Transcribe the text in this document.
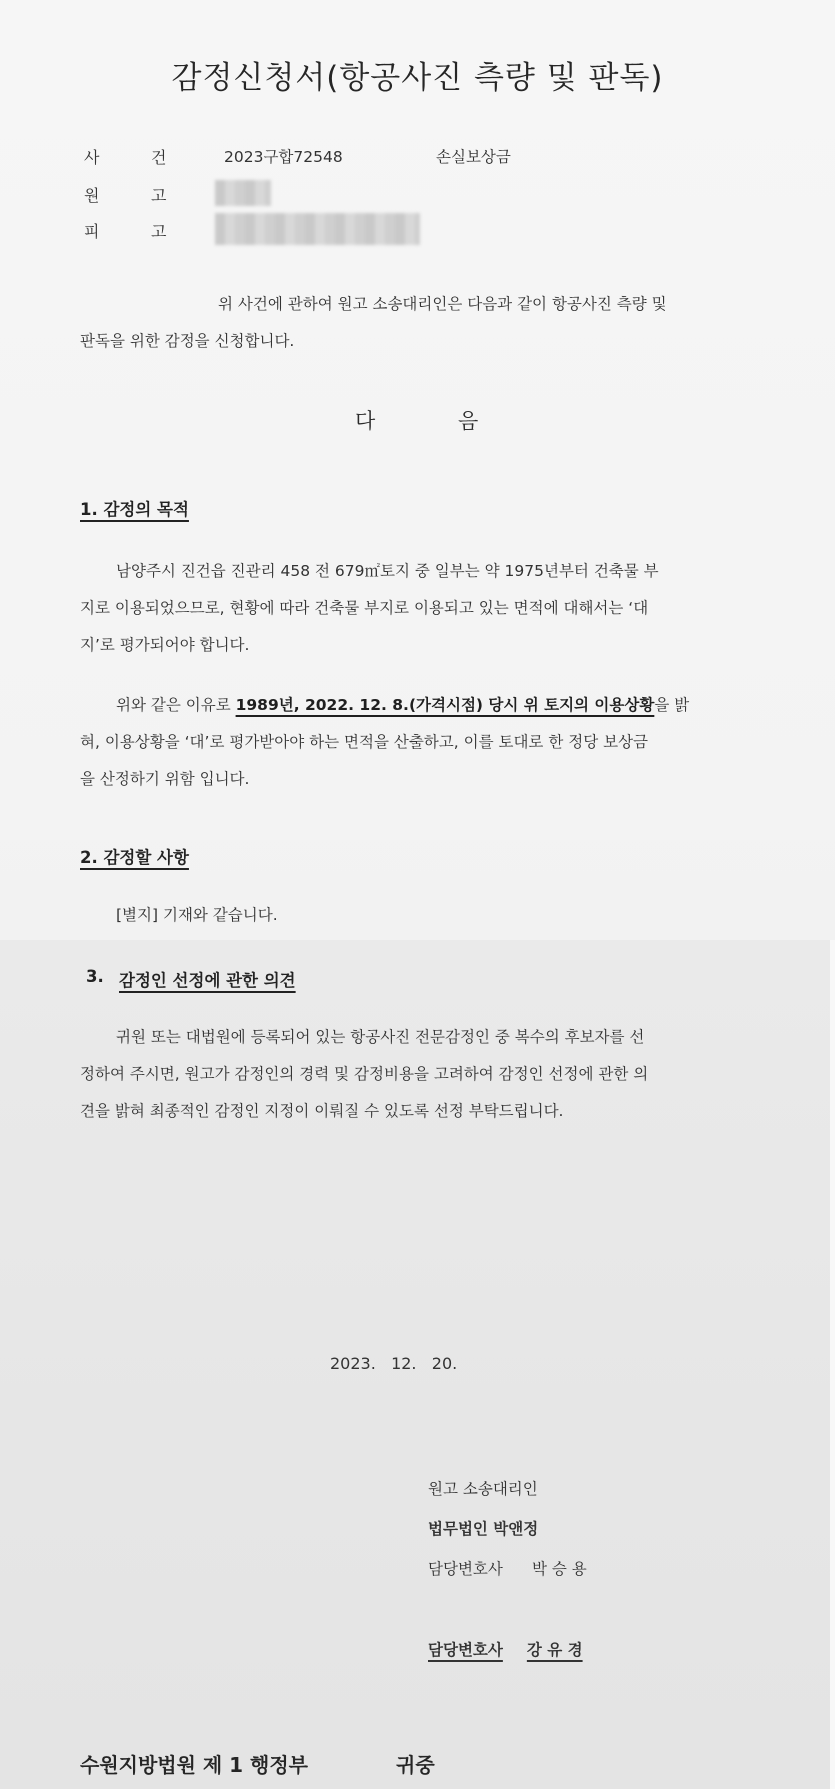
감정신청서(항공사진 측량 및 판독)
사	건	2023구합72548	손실보상금
원	고
피	고
위 사건에 관하여 원고 소송대리인은 다음과 같이 항공사진 측량 및
판독을 위한 감정을 신청합니다.
다	음
1. 감정의 목적
남양주시 진건읍 진관리 458 전 679㎡토지 중 일부는 약 1975년부터 건축물 부
지로 이용되었으므로, 현황에 따라 건축물 부지로 이용되고 있는 면적에 대해서는 ‘대
지’로 평가되어야 합니다.
위와 같은 이유로 1989년, 2022. 12. 8.(가격시점) 당시 위 토지의 이용상황을 밝
혀, 이용상황을 ‘대’로 평가받아야 하는 면적을 산출하고, 이를 토대로 한 정당 보상금
을 산정하기 위함 입니다.
2. 감정할 사항
[별지] 기재와 같습니다.
3. 감정인 선정에 관한 의견
귀원 또는 대법원에 등록되어 있는 항공사진 전문감정인 중 복수의 후보자를 선
정하여 주시면, 원고가 감정인의 경력 및 감정비용을 고려하여 감정인 선정에 관한 의
견을 밝혀 최종적인 감정인 지정이 이뤄질 수 있도록 선정 부탁드립니다.
2023.   12.   20.
원고 소송대리인
법무법인 박앤정
담당변호사 박 승 용
담당변호사 강 유 경
수원지방법원 제 1 행정부	귀중
